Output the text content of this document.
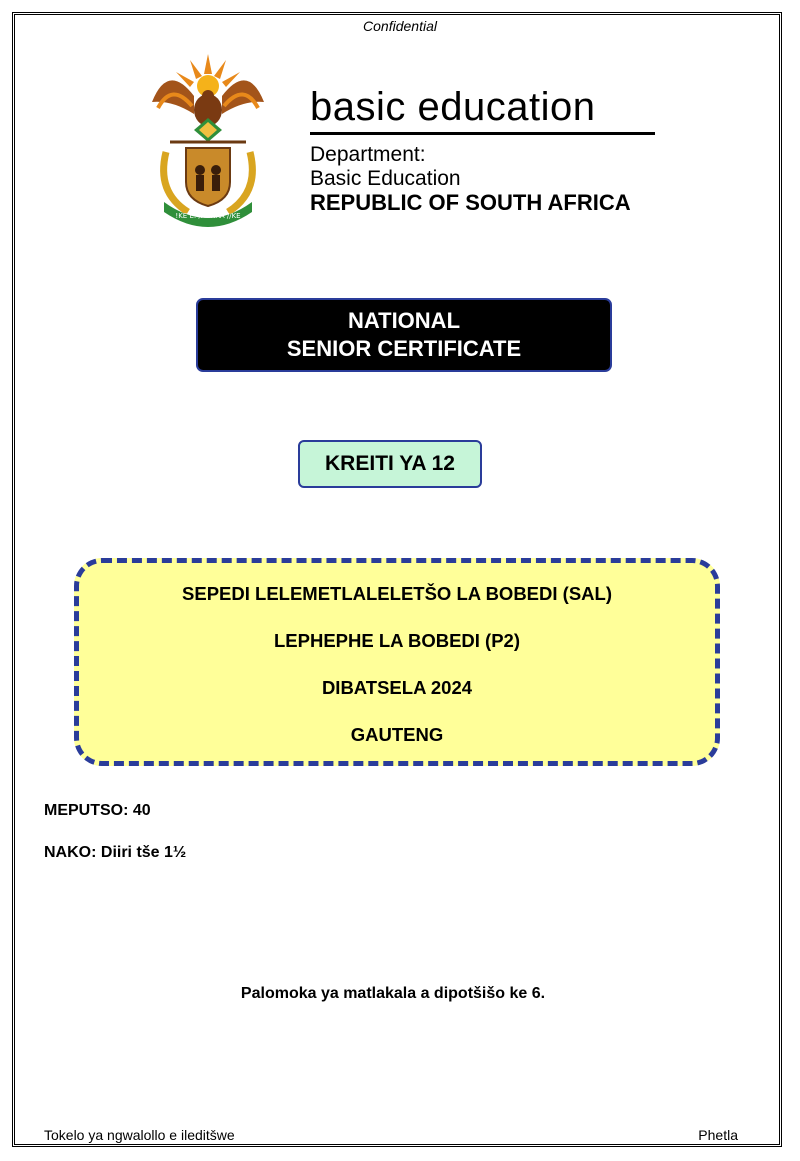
Confidential
!KE E: /XARRA //KE
basic education
Department:
Basic Education
REPUBLIC OF SOUTH AFRICA
NATIONAL
SENIOR CERTIFICATE
KREITI YA 12
SEPEDI LELEMETLALELETŠO LA BOBEDI (SAL)
LEPHEPHE LA BOBEDI (P2)
DIBATSELA 2024
GAUTENG
MEPUTSO: 40
NAKO: Diiri tše 1½
Palomoka ya matlakala a dipotšišo ke 6.
Tokelo ya ngwalollo e ileditšwe	Phetla
